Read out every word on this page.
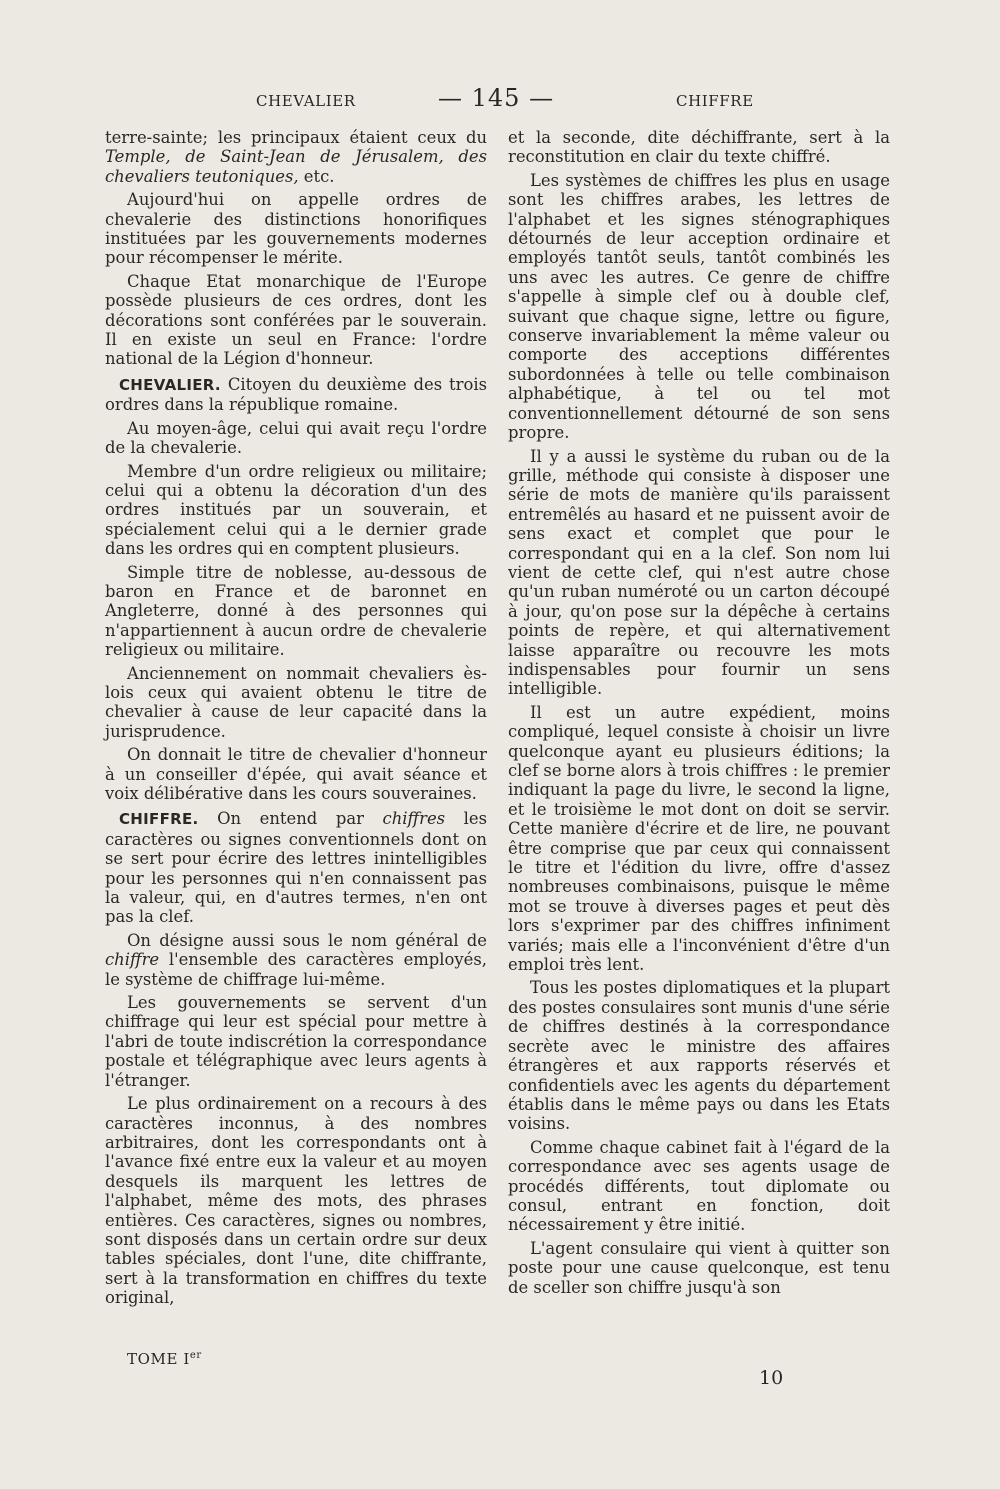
CHEVALIER	— 145 —	CHIFFRE

terre-sainte; les principaux étaient ceux du Temple, de Saint-Jean de Jérusalem, des chevaliers teutoniques, etc.

Aujourd'hui on appelle ordres de chevalerie des distinctions honorifiques instituées par les gouvernements modernes pour récompenser le mérite.

Chaque Etat monarchique de l'Europe possède plusieurs de ces ordres, dont les décorations sont conférées par le souverain. Il en existe un seul en France: l'ordre national de la Légion d'honneur.

CHEVALIER. Citoyen du deuxième des trois ordres dans la république romaine.

Au moyen-âge, celui qui avait reçu l'ordre de la chevalerie.

Membre d'un ordre religieux ou militaire; celui qui a obtenu la décoration d'un des ordres institués par un souverain, et spécialement celui qui a le dernier grade dans les ordres qui en comptent plusieurs.

Simple titre de noblesse, au-dessous de baron en France et de baronnet en Angleterre, donné à des personnes qui n'appartiennent à aucun ordre de chevalerie religieux ou militaire.

Anciennement on nommait chevaliers ès-lois ceux qui avaient obtenu le titre de chevalier à cause de leur capacité dans la jurisprudence.

On donnait le titre de chevalier d'honneur à un conseiller d'épée, qui avait séance et voix délibérative dans les cours souveraines.

CHIFFRE. On entend par chiffres les caractères ou signes conventionnels dont on se sert pour écrire des lettres inintelligibles pour les personnes qui n'en connaissent pas la valeur, qui, en d'autres termes, n'en ont pas la clef.

On désigne aussi sous le nom général de chiffre l'ensemble des caractères employés, le système de chiffrage lui-même.

Les gouvernements se servent d'un chiffrage qui leur est spécial pour mettre à l'abri de toute indiscrétion la correspondance postale et télégraphique avec leurs agents à l'étranger.

Le plus ordinairement on a recours à des caractères inconnus, à des nombres arbitraires, dont les correspondants ont à l'avance fixé entre eux la valeur et au moyen desquels ils marquent les lettres de l'alphabet, même des mots, des phrases entières. Ces caractères, signes ou nombres, sont disposés dans un certain ordre sur deux tables spéciales, dont l'une, dite chiffrante, sert à la transformation en chiffres du texte original,

et la seconde, dite déchiffrante, sert à la reconstitution en clair du texte chiffré.

Les systèmes de chiffres les plus en usage sont les chiffres arabes, les lettres de l'alphabet et les signes sténographiques détournés de leur acception ordinaire et employés tantôt seuls, tantôt combinés les uns avec les autres. Ce genre de chiffre s'appelle à simple clef ou à double clef, suivant que chaque signe, lettre ou figure, conserve invariablement la même valeur ou comporte des acceptions différentes subordonnées à telle ou telle combinaison alphabétique, à tel ou tel mot conventionnellement détourné de son sens propre.

Il y a aussi le système du ruban ou de la grille, méthode qui consiste à disposer une série de mots de manière qu'ils paraissent entremêlés au hasard et ne puissent avoir de sens exact et complet que pour le correspondant qui en a la clef. Son nom lui vient de cette clef, qui n'est autre chose qu'un ruban numéroté ou un carton découpé à jour, qu'on pose sur la dépêche à certains points de repère, et qui alternativement laisse apparaître ou recouvre les mots indispensables pour fournir un sens intelligible.

Il est un autre expédient, moins compliqué, lequel consiste à choisir un livre quelconque ayant eu plusieurs éditions; la clef se borne alors à trois chiffres : le premier indiquant la page du livre, le second la ligne, et le troisième le mot dont on doit se servir. Cette manière d'écrire et de lire, ne pouvant être comprise que par ceux qui connaissent le titre et l'édition du livre, offre d'assez nombreuses combinaisons, puisque le même mot se trouve à diverses pages et peut dès lors s'exprimer par des chiffres infiniment variés; mais elle a l'inconvénient d'être d'un emploi très lent.

Tous les postes diplomatiques et la plupart des postes consulaires sont munis d'une série de chiffres destinés à la correspondance secrète avec le ministre des affaires étrangères et aux rapports réservés et confidentiels avec les agents du département établis dans le même pays ou dans les Etats voisins.

Comme chaque cabinet fait à l'égard de la correspondance avec ses agents usage de procédés différents, tout diplomate ou consul, entrant en fonction, doit nécessairement y être initié.

L'agent consulaire qui vient à quitter son poste pour une cause quelconque, est tenu de sceller son chiffre jusqu'à son

TOME Ier
10
